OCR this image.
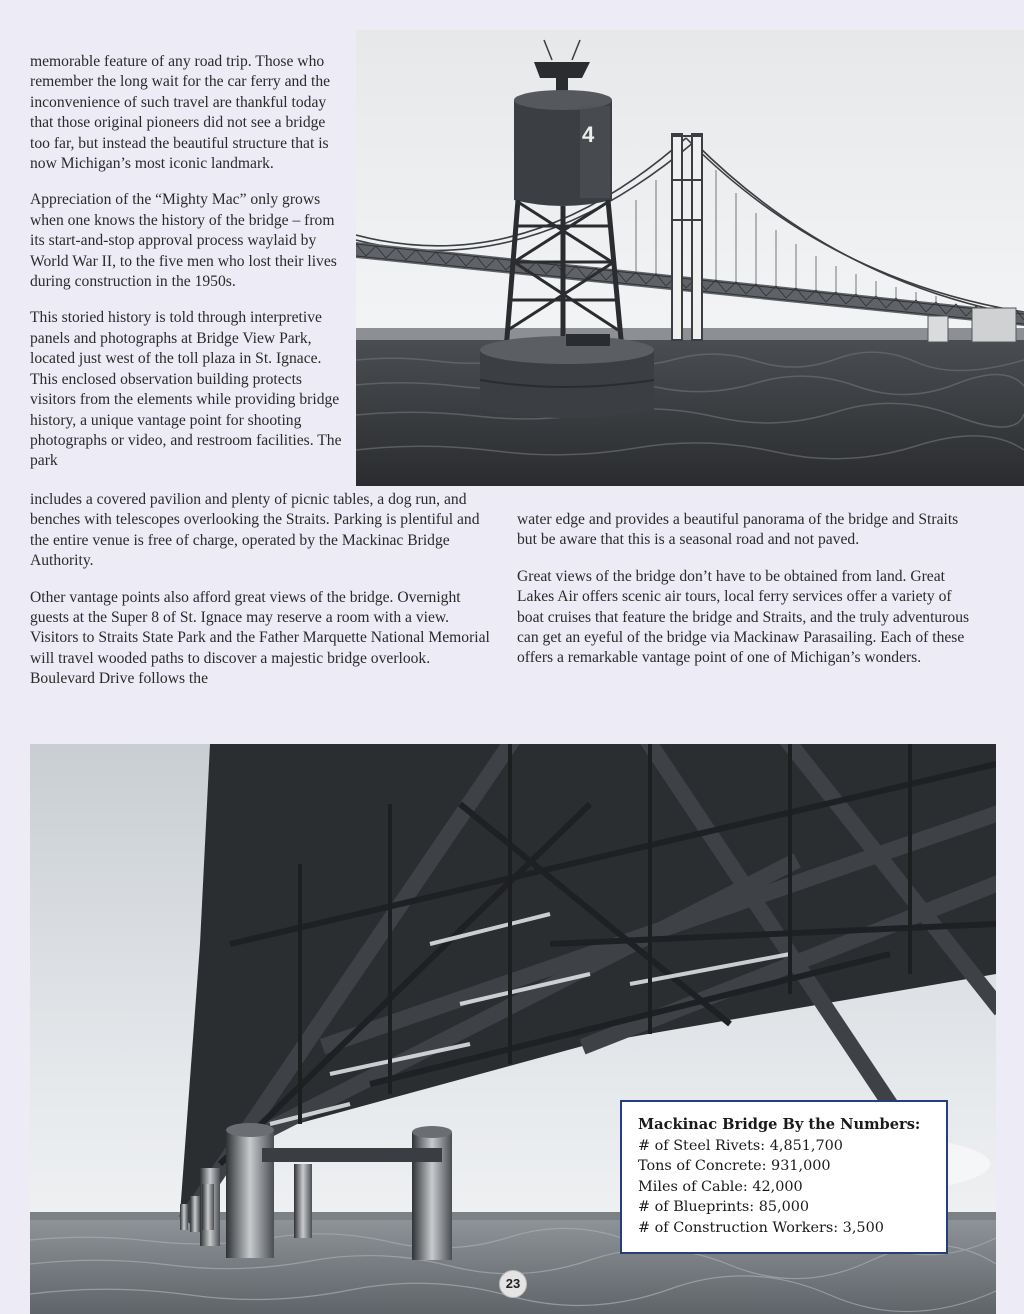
memorable feature of any road trip. Those who remember the long wait for the car ferry and the inconvenience of such travel are thankful today that those original pioneers did not see a bridge too far, but instead the beautiful structure that is now Michigan’s most iconic landmark.

Appreciation of the “Mighty Mac” only grows when one knows the history of the bridge – from its start-and-stop approval process waylaid by World War II, to the five men who lost their lives during construction in the 1950s.

This storied history is told through interpretive panels and photographs at Bridge View Park, located just west of the toll plaza in St. Ignace. This enclosed observation building protects visitors from the elements while providing bridge history, a unique vantage point for shooting photographs or video, and restroom facilities. The park

includes a covered pavilion and plenty of picnic tables, a dog run, and benches with telescopes overlooking the Straits. Parking is plentiful and the entire venue is free of charge, operated by the Mackinac Bridge Authority.

Other vantage points also afford great views of the bridge. Overnight guests at the Super 8 of St. Ignace may reserve a room with a view. Visitors to Straits State Park and the Father Marquette National Memorial will travel wooded paths to discover a majestic bridge overlook. Boulevard Drive follows the

water edge and provides a beautiful panorama of the bridge and Straits but be aware that this is a seasonal road and not paved.

Great views of the bridge don’t have to be obtained from land. Great Lakes Air offers scenic air tours, local ferry services offer a variety of boat cruises that feature the bridge and Straits, and the truly adventurous can get an eyeful of the bridge via Mackinaw Parasailing. Each of these offers a remarkable vantage point of one of Michigan’s wonders.

4
Mackinac Bridge By the Numbers:
# of Steel Rivets: 4,851,700
Tons of Concrete: 931,000
Miles of Cable: 42,000
# of Blueprints: 85,000
# of Construction Workers: 3,500
23
